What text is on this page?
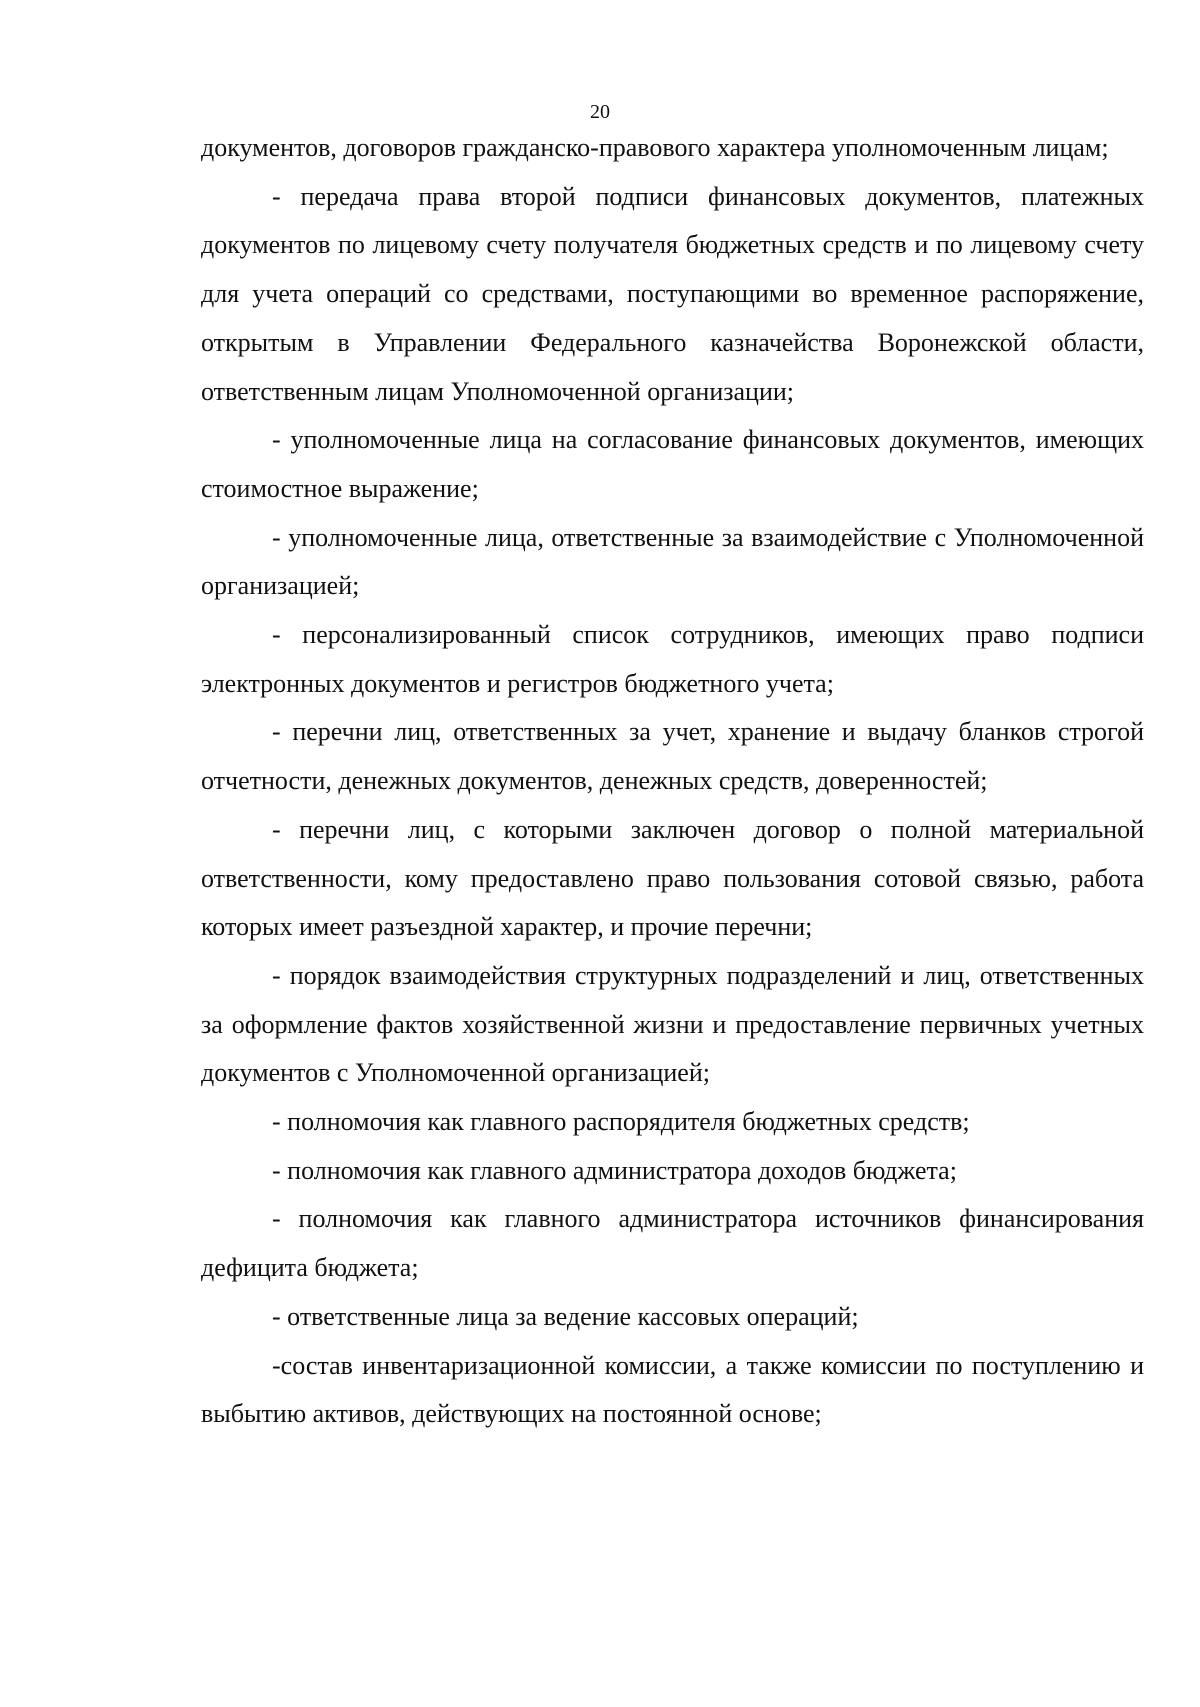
20

документов, договоров гражданско-правового характера уполномоченным лицам;

- передача права второй подписи финансовых документов, платежных документов по лицевому счету получателя бюджетных средств и по лицевому счету для учета операций со средствами, поступающими во временное распоряжение, открытым в Управлении Федерального казначейства Воронежской области, ответственным лицам Уполномоченной организации;

- уполномоченные лица на согласование финансовых документов, имеющих стоимостное выражение;

- уполномоченные лица, ответственные за взаимодействие с Уполномоченной организацией;

- персонализированный список сотрудников, имеющих право подписи электронных документов и регистров бюджетного учета;

- перечни лиц, ответственных за учет, хранение и выдачу бланков строгой отчетности, денежных документов, денежных средств, доверенностей;

- перечни лиц, с которыми заключен договор о полной материальной ответственности, кому предоставлено право пользования сотовой связью, работа которых имеет разъездной характер, и прочие перечни;

- порядок взаимодействия структурных подразделений и лиц, ответственных за оформление фактов хозяйственной жизни и предоставление первичных учетных документов с Уполномоченной организацией;

- полномочия как главного распорядителя бюджетных средств;

- полномочия как главного администратора доходов бюджета;

- полномочия как главного администратора источников финансирования дефицита бюджета;

- ответственные лица за ведение кассовых операций;

-состав инвентаризационной комиссии, а также комиссии по поступлению и выбытию активов, действующих на постоянной основе;
